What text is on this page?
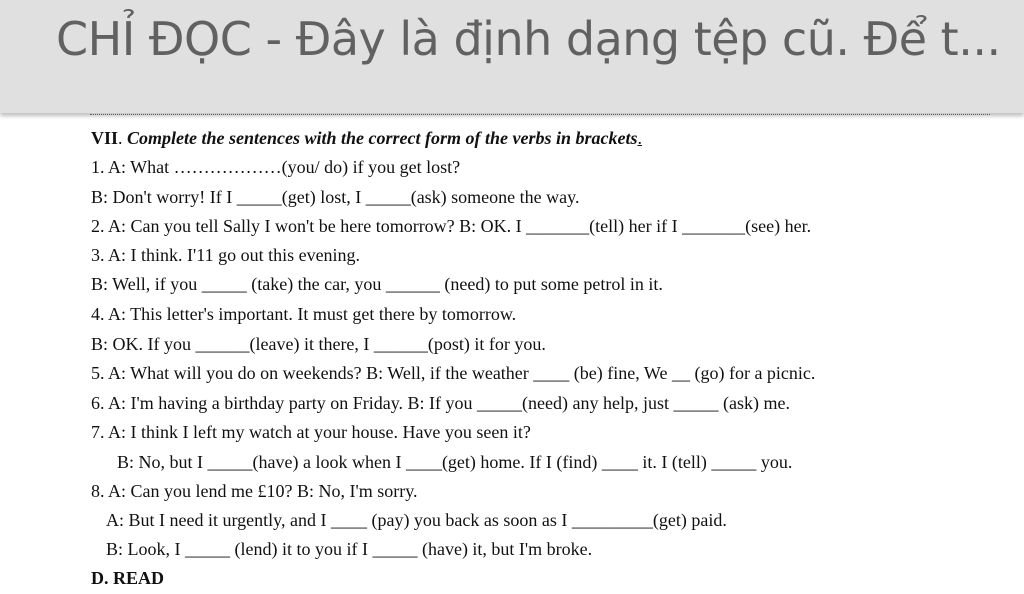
CHỈ ĐỌC - Đây là định dạng tệp cũ. Để t...
VII. Complete the sentences with the correct form of the verbs in brackets.
1. A: What ………………(you/ do) if you get lost?
B: Don't worry! If I _____(get) lost, I _____(ask) someone the way.
2. A: Can you tell Sally I won't be here tomorrow? B: OK. I _______(tell) her if I _______(see) her.
3. A: I think. I'11 go out this evening.
B: Well, if you _____ (take) the car, you ______ (need) to put some petrol in it.
4. A: This letter's important. It must get there by tomorrow.
B: OK. If you ______(leave) it there, I ______(post) it for you.
5. A: What will you do on weekends? B: Well, if the weather ____ (be) fine, We __ (go) for a picnic.
6. A: I'm having a birthday party on Friday. B: If you _____(need) any help, just _____ (ask) me.
7. A: I think I left my watch at your house. Have you seen it?
B: No, but I _____(have) a look when I ____(get) home. If I (find) ____ it. I (tell) _____ you.
8. A: Can you lend me £10? B: No, I'm sorry.
A: But I need it urgently, and I ____ (pay) you back as soon as I _________(get) paid.
B: Look, I _____ (lend) it to you if I _____ (have) it, but I'm broke.
D. READ
